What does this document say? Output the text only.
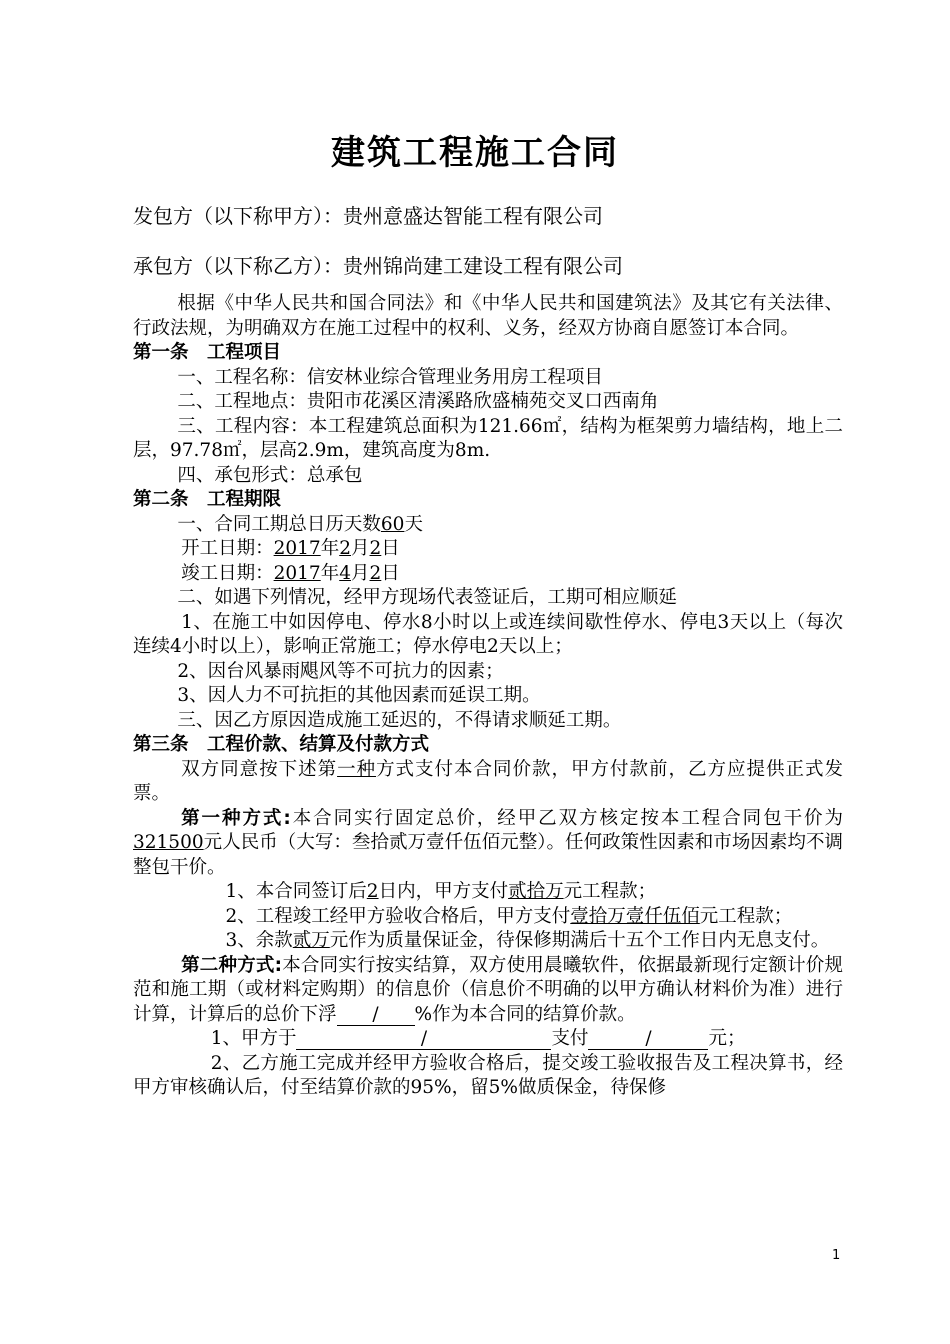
建筑工程施工合同
发包方（以下称甲方）：贵州意盛达智能工程有限公司
承包方（以下称乙方）：贵州锦尚建工建设工程有限公司

根据《中华人民共和国合同法》和《中华人民共和国建筑法》及其它有关法律、行政法规，为明确双方在施工过程中的权利、义务，经双方协商自愿签订本合同。

第一条　工程项目

一、工程名称：信安林业综合管理业务用房工程项目

二、工程地点：贵阳市花溪区清溪路欣盛楠苑交叉口西南角

三、工程内容：本工程建筑总面积为121.66㎡，结构为框架剪力墙结构，地上二层，97.78㎡，层高2.9m，建筑高度为8m.

四、承包形式：总承包

第二条　工程期限

一、合同工期总日历天数60天

开工日期：2017年2月2日

竣工日期：2017年4月2日

二、如遇下列情况，经甲方现场代表签证后，工期可相应顺延

1、在施工中如因停电、停水8小时以上或连续间歇性停水、停电3天以上（每次连续4小时以上），影响正常施工；停水停电2天以上；

2、因台风暴雨飓风等不可抗力的因素；

3、因人力不可抗拒的其他因素而延误工期。

三、因乙方原因造成施工延迟的，不得请求顺延工期。

第三条　工程价款、结算及付款方式

双方同意按下述第一种方式支付本合同价款，甲方付款前，乙方应提供正式发票。

第一种方式:本合同实行固定总价，经甲乙双方核定按本工程合同包干价为321500元人民币（大写：叁拾贰万壹仟伍佰元整）。任何政策性因素和市场因素均不调整包干价。

1、本合同签订后2日内，甲方支付贰拾万元工程款；

2、工程竣工经甲方验收合格后，甲方支付壹拾万壹仟伍佰元工程款；

3、余款贰万元作为质量保证金，待保修期满后十五个工作日内无息支付。

第二种方式:本合同实行按实结算，双方使用晨曦软件，依据最新现行定额计价规范和施工期（或材料定购期）的信息价（信息价不明确的以甲方确认材料价为准）进行计算，计算后的总价下浮 / %作为本合同的结算价款。

1、甲方于	/	支付	/	元；

2、乙方施工完成并经甲方验收合格后，提交竣工验收报告及工程决算书，经甲方审核确认后，付至结算价款的95%，留5%做质保金，待保修

1
